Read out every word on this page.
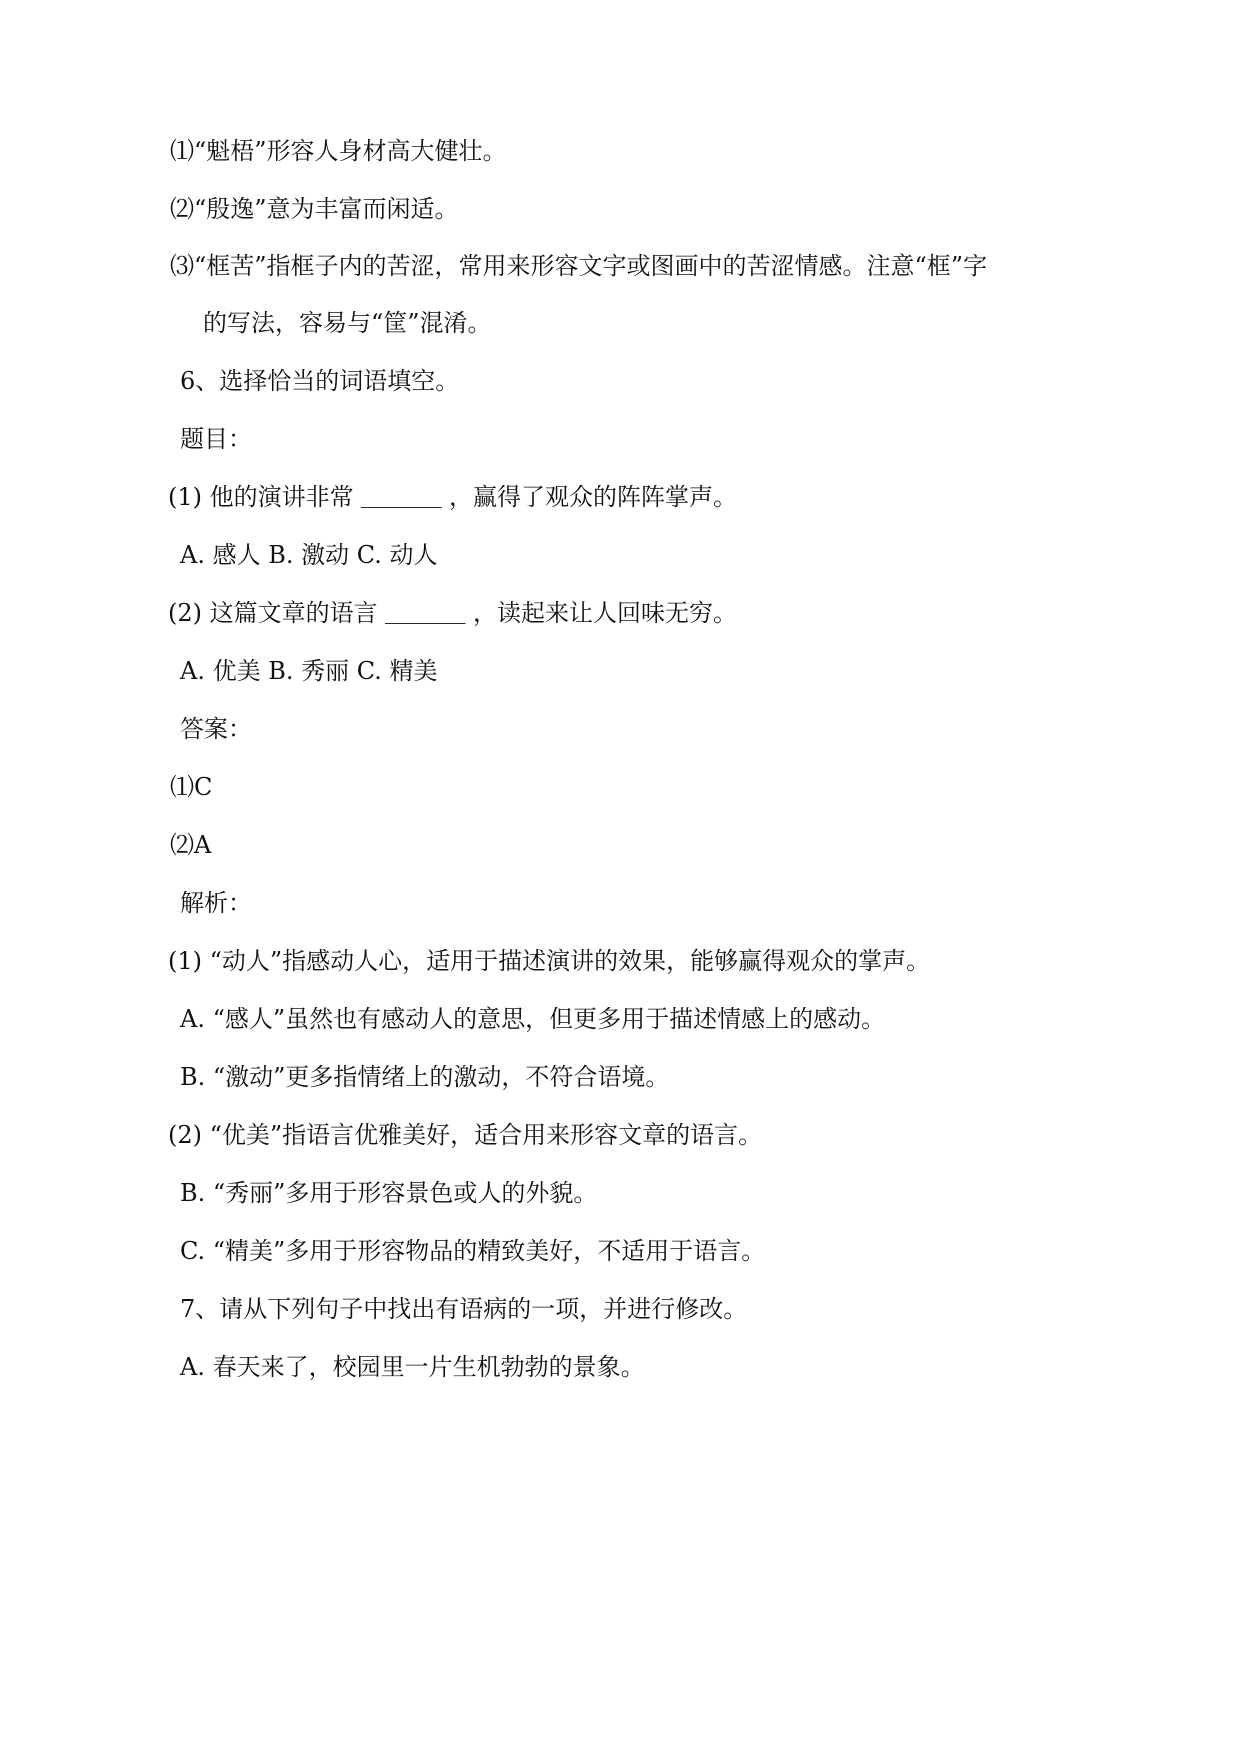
⑴“魁梧”形容人身材高大健壮。
⑵“殷逸”意为丰富而闲适。
⑶“框苦”指框子内的苦涩，常用来形容文字或图画中的苦涩情感。注意“框”字
的写法，容易与“筐”混淆。
6、选择恰当的词语填空。
题目：
(1) 他的演讲非常 ______ ，赢得了观众的阵阵掌声。
A. 感人 B. 激动 C. 动人
(2) 这篇文章的语言 ______ ，读起来让人回味无穷。
A. 优美 B. 秀丽 C. 精美
答案：
⑴C
⑵A
解析：
(1) “动人”指感动人心，适用于描述演讲的效果，能够赢得观众的掌声。
A. “感人”虽然也有感动人的意思，但更多用于描述情感上的感动。
B. “激动”更多指情绪上的激动，不符合语境。
(2) “优美”指语言优雅美好，适合用来形容文章的语言。
B. “秀丽”多用于形容景色或人的外貌。
C. “精美”多用于形容物品的精致美好，不适用于语言。
7、请从下列句子中找出有语病的一项，并进行修改。
A. 春天来了，校园里一片生机勃勃的景象。
